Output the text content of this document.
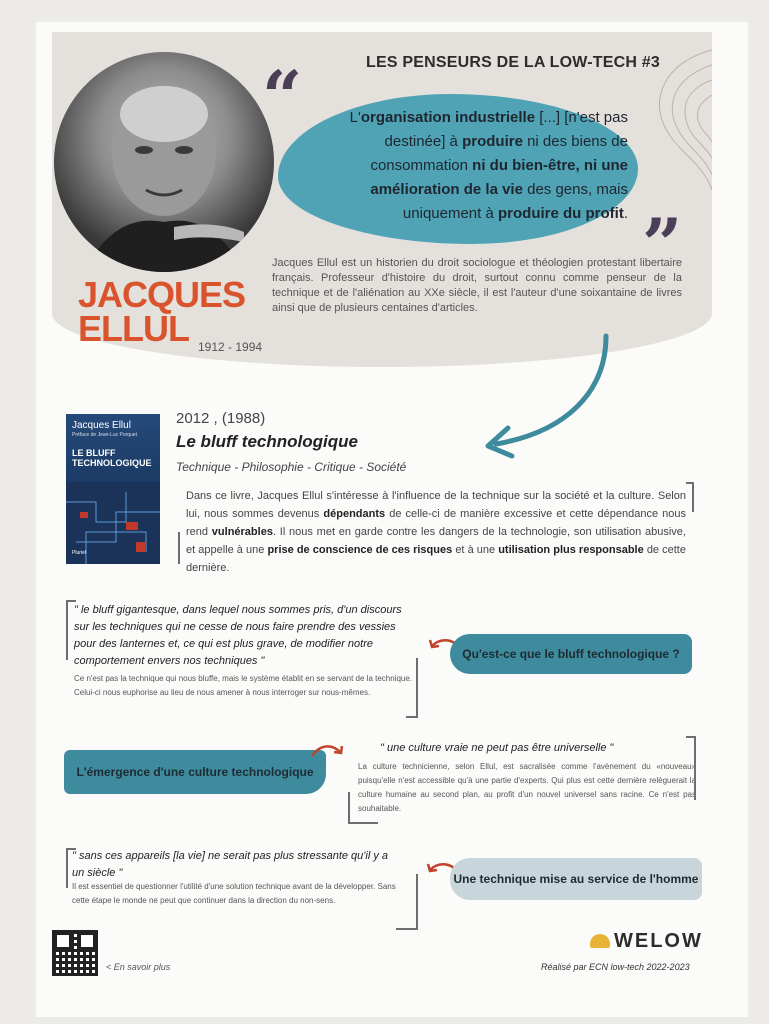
LES PENSEURS DE LA LOW-TECH #3
“	L'organisation industrielle [...] [n'est pas destinée] à produire ni des biens de consommation ni du bien-être, ni une amélioration de la vie des gens, mais uniquement à produire du profit. ”
Jacques Ellul est un historien du droit sociologue et théologien protestant libertaire français. Professeur d'histoire du droit, surtout connu comme penseur de la technique et de l'aliénation au XXe siècle, il est l'auteur d'une soixantaine de livres ainsi que de plusieurs centaines d'articles.
JACQUES
ELLUL 1912 - 1994
Jacques Ellul
Préface de Jean-Luc Porquet
LE BLUFF
TECHNOLOGIQUE
Pluriel
2012 , (1988)
Le bluff technologique
Technique - Philosophie - Critique - Société
Dans ce livre, Jacques Ellul s'intéresse à l'influence de la technique sur la société et la culture. Selon lui, nous sommes devenus dépendants de celle-ci de manière excessive et cette dépendance nous rend vulnérables. Il nous met en garde contre les dangers de la technologie, son utilisation abusive, et appelle à une prise de conscience de ces risques et à une utilisation plus responsable de cette dernière.
" le bluff gigantesque, dans lequel nous sommes pris, d'un discours sur les techniques qui ne cesse de nous faire prendre des vessies pour des lanternes et, ce qui est plus grave, de modifier notre comportement envers nos techniques "
Ce n'est pas la technique qui nous bluffe, mais le système établit en se servant de la technique. Celui-ci nous euphorise au lieu de nous amener à nous interroger sur nous-mêmes.
Qu'est-ce que le bluff technologique ?
L'émergence d'une culture technologique
" une culture vraie ne peut pas être universelle "
La culture technicienne, selon Ellul, est sacralisée comme l'avènement du «nouveau» puisqu'elle n'est accessible qu'à une partie d'experts. Qui plus est cette dernière relèguerait la culture humaine au second plan, au profit d'un nouvel universel sans racine. Ce n'est pas souhaitable.
" sans ces appareils [la vie] ne serait pas plus stressante qu'il y a un siècle "
Il est essentiel de questionner l'utilité d'une solution technique avant de la développer. Sans cette étape le monde ne peut que continuer dans la direction du non-sens.
Une technique mise au service de l'homme
< En savoir plus
WELOW
Réalisé par ECN low-tech 2022-2023
